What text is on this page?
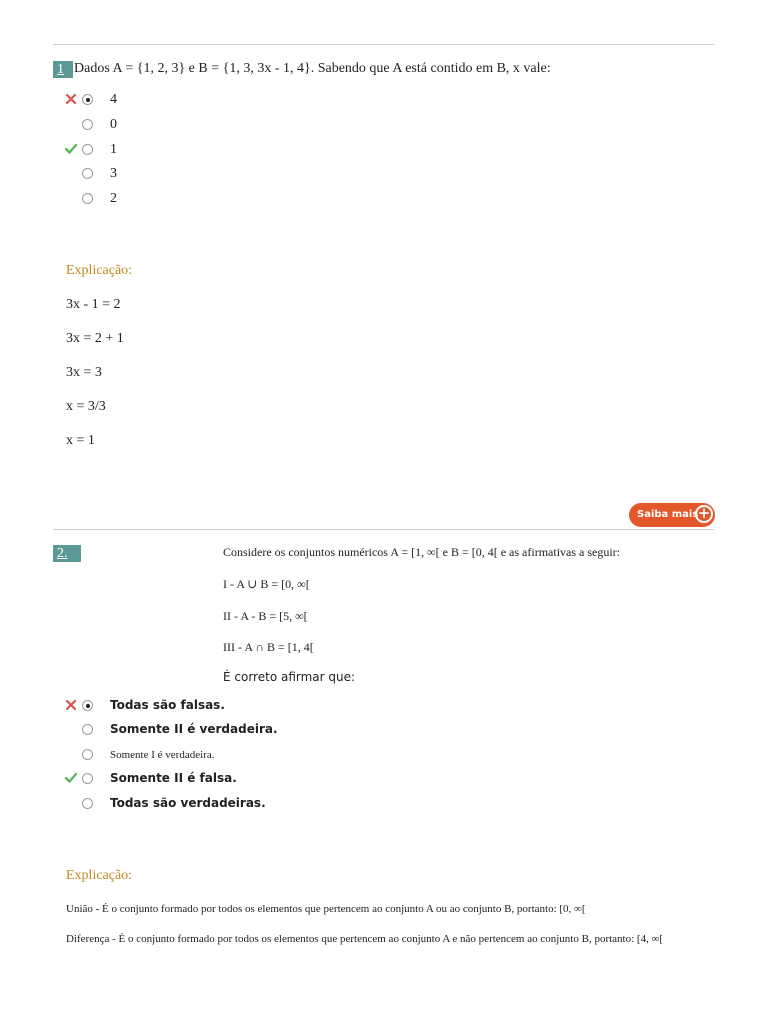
1 Dados A = {1, 2, 3} e B = {1, 3, 3x - 1, 4}. Sabendo que A está contido em B, x vale:
4
0
1
3
2
Explicação:
3x - 1 = 2
3x = 2 + 1
3x = 3
x = 3/3
x = 1
Saiba mais +
2.	Considere os conjuntos numéricos A = [1, ∞[ e B = [0, 4[ e as afirmativas a seguir:
I - A ∪ B = [0, ∞[
II - A - B = [5, ∞[
III - A ∩ B = [1, 4[
É correto afirmar que:
Todas são falsas.
Somente II é verdadeira.
Somente I é verdadeira.
Somente II é falsa.
Todas são verdadeiras.
Explicação:
União - É o conjunto formado por todos os elementos que pertencem ao conjunto A ou ao conjunto B, portanto: [0, ∞[
Diferença - É o conjunto formado por todos os elementos que pertencem ao conjunto A e não pertencem ao conjunto B, portanto: [4, ∞[
